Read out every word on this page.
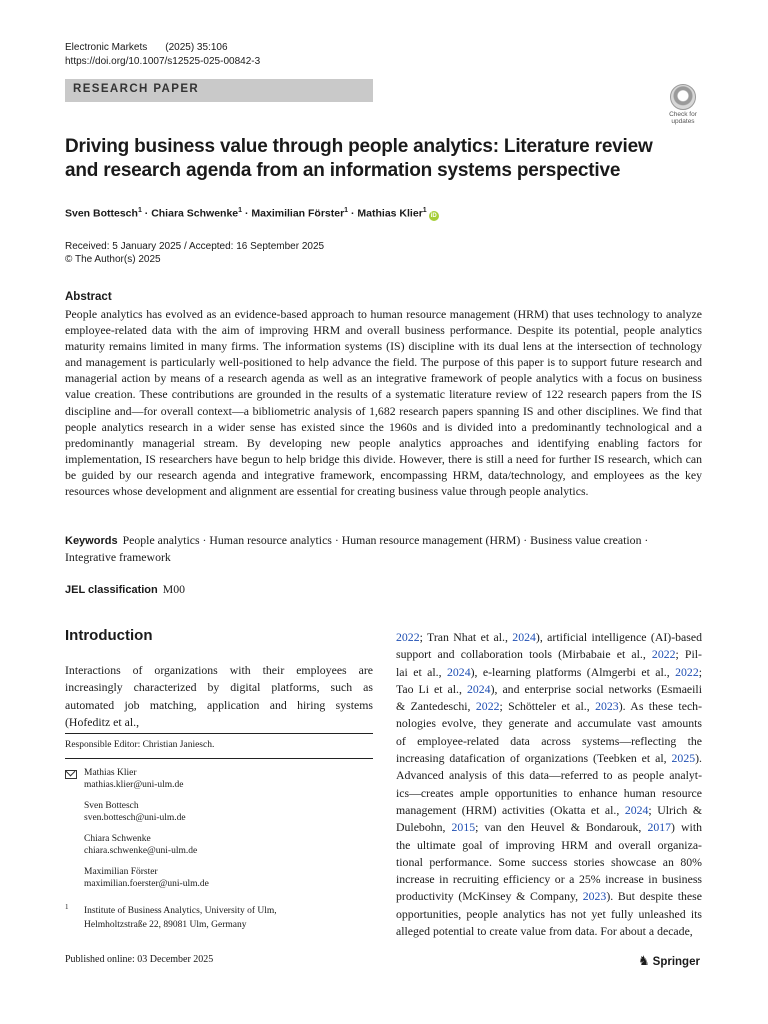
Electronic Markets (2025) 35:106
https://doi.org/10.1007/s12525-025-00842-3
RESEARCH PAPER
Check for updates
Driving business value through people analytics: Literature review
and research agenda from an information systems perspective
Sven Bottesch$^1$ · Chiara Schwenke$^1$ · Maximilian Förster$^1$ · Mathias Klier$^1$iD
Received: 5 January 2025 / Accepted: 16 September 2025
© The Author(s) 2025
Abstract
People analytics has evolved as an evidence-based approach to human resource management (HRM) that uses technology to analyze employee-related data with the aim of improving HRM and overall business performance. Despite its potential, people analytics maturity remains limited in many firms. The information systems (IS) discipline with its dual lens at the intersection of technology and management is particularly well-positioned to help advance the field. The purpose of this paper is to support future research and managerial action by means of a research agenda as well as an integrative framework of people analytics with a focus on business value creation. These contributions are grounded in the results of a systematic literature review of 122 research papers from the IS discipline and—for overall context—a bibliometric analysis of 1,682 research papers spanning IS and other disciplines. We find that people analytics research in a wider sense has existed since the 1960s and is divided into a predominantly technological and a predominantly managerial stream. By developing new people analytics approaches and identifying enabling factors for implementation, IS researchers have begun to help bridge this divide. However, there is still a need for further IS research, which can be guided by our research agenda and integrative framework, encompassing HRM, data/technology, and employees as the key resources whose development and alignment are essential for creating business value through people analytics.
Keywords People analytics · Human resource analytics · Human resource management (HRM) · Business value creation · Integrative framework
JEL classification M00
Introduction
Interactions of organizations with their employees are increasingly characterized by digital platforms, such as automated job matching, application and hiring systems (Hofeditz et al.,
Responsible Editor: Christian Janiesch.
Mathias Klier
mathias.klier@uni-ulm.de
Sven Bottesch
sven.bottesch@uni-ulm.de
Chiara Schwenke
chiara.schwenke@uni-ulm.de
Maximilian Förster
maximilian.foerster@uni-ulm.de
1 Institute of Business Analytics, University of Ulm,
Helmholtzstraße 22, 89081 Ulm, Germany
2022; Tran Nhat et al., 2024), artificial intelligence (AI)-based
support and collaboration tools (Mirbabaie et al., 2022; Pil-
lai et al., 2024), e-learning platforms (Almgerbi et al., 2022;
Tao Li et al., 2024), and enterprise social networks (Esmaeili
& Zantedeschi, 2022; Schötteler et al., 2023). As these tech-
nologies evolve, they generate and accumulate vast amounts
of employee-related data across systems—reflecting the
increasing datafication of organizations (Teebken et al, 2025).
Advanced analysis of this data—referred to as people analyt-
ics—creates ample opportunities to enhance human resource
management (HRM) activities (Okatta et al., 2024; Ulrich &
Dulebohn, 2015; van den Heuvel & Bondarouk, 2017) with
the ultimate goal of improving HRM and overall organiza-
tional performance. Some success stories showcase an 80%
increase in recruiting efficiency or a 25% increase in business
productivity (McKinsey & Company, 2023). But despite these
opportunities, people analytics has not yet fully unleashed its
alleged potential to create value from data. For about a decade,
Published online: 03 December 2025	♞ Springer
